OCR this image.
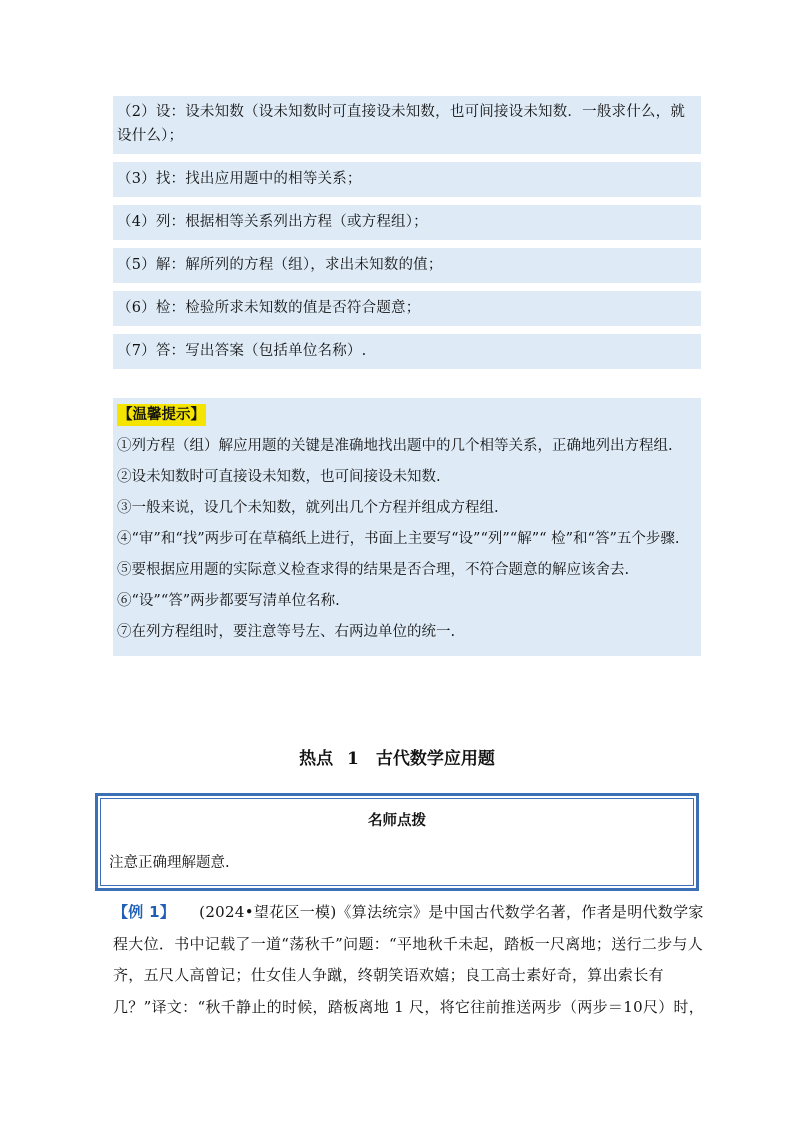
（2）设：设未知数（设未知数时可直接设未知数，也可间接设未知数．一般求什么，就设什么）；
（3）找：找出应用题中的相等关系；
（4）列：根据相等关系列出方程（或方程组）；
（5）解：解所列的方程（组），求出未知数的值；
（6）检：检验所求未知数的值是否符合题意；
（7）答：写出答案（包括单位名称）.
【温馨提示】
①列方程（组）解应用题的关键是准确地找出题中的几个相等关系，正确地列出方程组.
②设未知数时可直接设未知数，也可间接设未知数.
③一般来说，设几个未知数，就列出几个方程并组成方程组.
④“审”和“找”两步可在草稿纸上进行，书面上主要写“设”“列”“解”“ 检”和“答”五个步骤.
⑤要根据应用题的实际意义检查求得的结果是否合理，不符合题意的解应该舍去.
⑥“设”“答”两步都要写清单位名称.
⑦在列方程组时，要注意等号左、右两边单位的统一.
热点 1　古代数学应用题
名师点拨
注意正确理解题意.
【例 1】 (2024•望花区一模)《算法统宗》是中国古代数学名著，作者是明代数学家程大位．书中记载了一道“荡秋千”问题：“平地秋千未起，踏板一尺离地；送行二步与人齐，五尺人高曾记；仕女佳人争蹴，终朝笑语欢嬉；良工高士素好奇，算出索长有几？”译文：“秋千静止的时候，踏板离地 1 尺，将它往前推送两步（两步＝10尺）时，
